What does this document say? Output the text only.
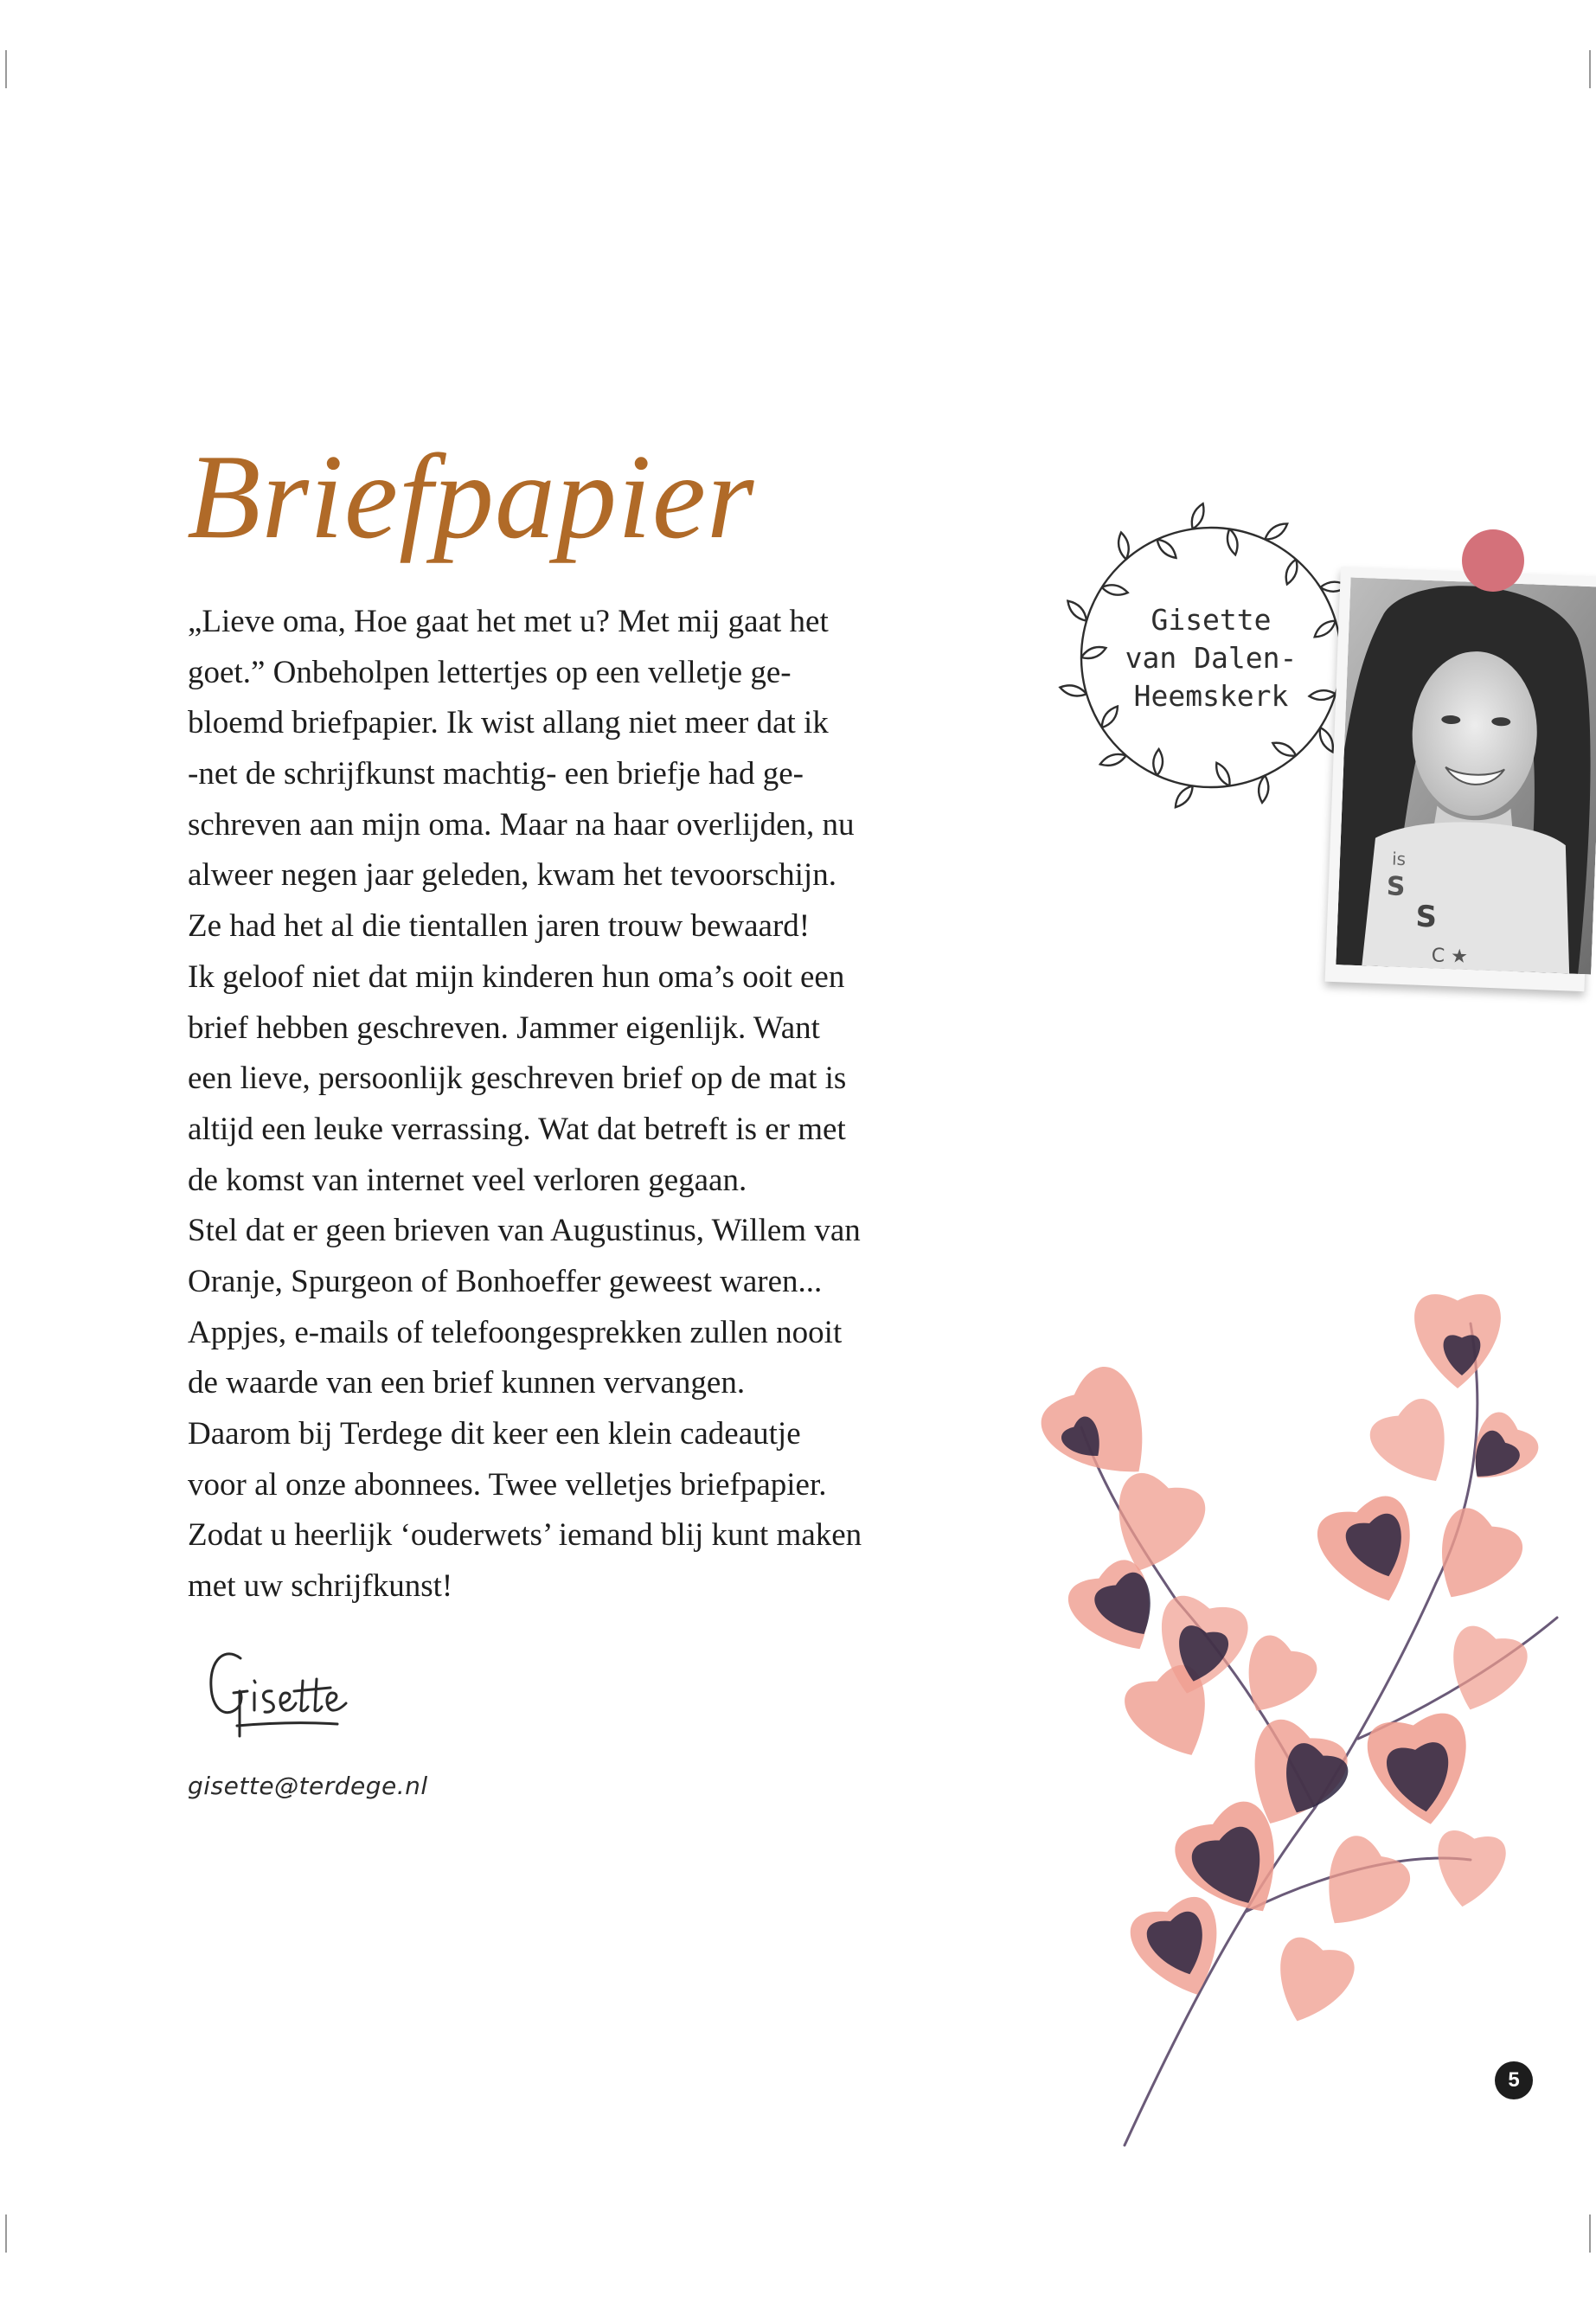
Briefpapier
„Lieve oma, Hoe gaat het met u? Met mij gaat het
goet.” Onbeholpen lettertjes op een velletje ge-
bloemd briefpapier. Ik wist allang niet meer dat ik
-net de schrijfkunst machtig- een briefje had ge-
schreven aan mijn oma. Maar na haar overlijden, nu
alweer negen jaar geleden, kwam het tevoorschijn.
Ze had het al die tientallen jaren trouw bewaard!
Ik geloof niet dat mijn kinderen hun oma’s ooit een
brief hebben geschreven. Jammer eigenlijk. Want
een lieve, persoonlijk geschreven brief op de mat is
altijd een leuke verrassing. Wat dat betreft is er met
de komst van internet veel verloren gegaan.
Stel dat er geen brieven van Augustinus, Willem van
Oranje, Spurgeon of Bonhoeffer geweest waren...
Appjes, e-mails of telefoongesprekken zullen nooit
de waarde van een brief kunnen vervangen.
Daarom bij Terdege dit keer een klein cadeautje
voor al onze abonnees. Twee velletjes briefpapier.
Zodat u heerlijk ‘ouderwets’ iemand blij kunt maken
met uw schrijfkunst!
gisette@terdege.nl
Gisette
van Dalen-
Heemskerk
S
S
C ★
is
5
